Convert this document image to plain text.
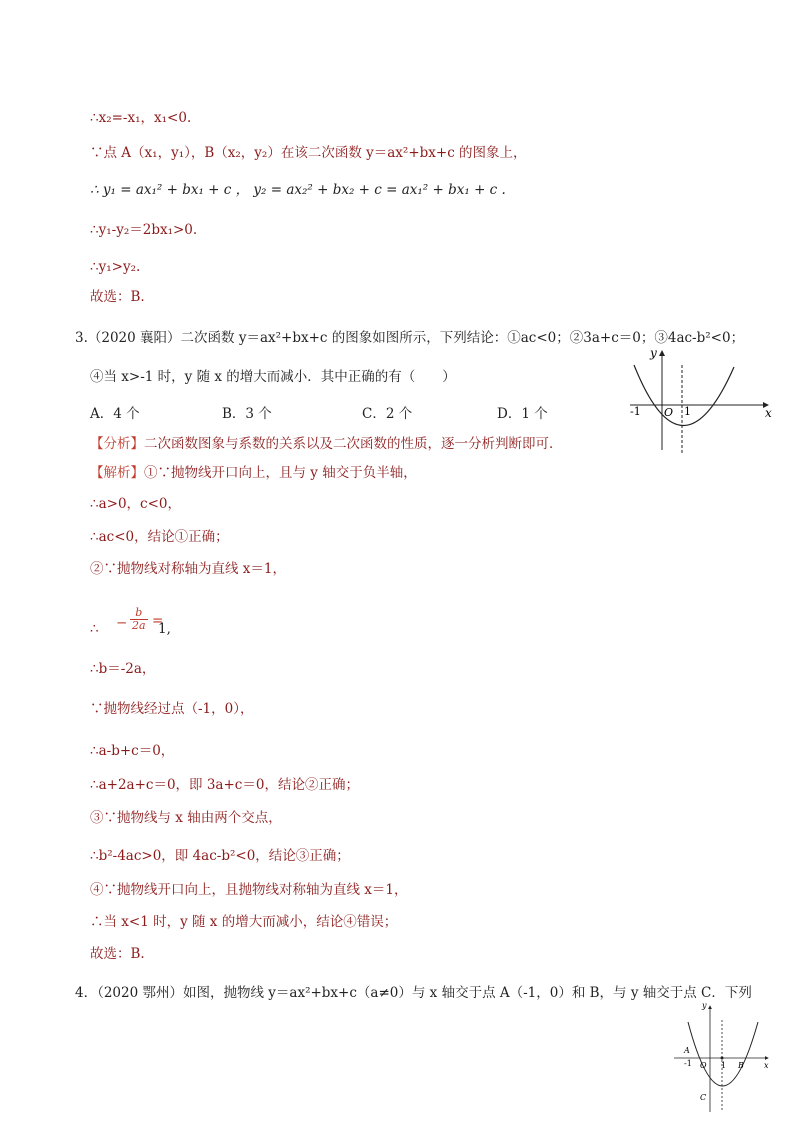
∴x₂=-x₁，x₁<0.
∵点 A（x₁，y₁），B（x₂，y₂）在该二次函数 y＝ax²+bx+c 的图象上，
∴ y₁ = ax₁² + bx₁ + c ， y₂ = ax₂² + bx₂ + c = ax₁² + bx₁ + c .
∴y₁-y₂＝2bx₁>0.
∴y₁>y₂.
故选：B.
3.（2020 襄阳）二次函数 y＝ax²+bx+c 的图象如图所示，下列结论：①ac<0；②3a+c＝0；③4ac-b²<0；
④当 x>-1 时，y 随 x 的增大而减小．其中正确的有（　　）
A．4 个	B．3 个	C．2 个	D．1 个
y
x
-1 O 1
【分析】二次函数图象与系数的关系以及二次函数的性质，逐一分析判断即可．
【解析】①∵抛物线开口向上，且与 y 轴交于负半轴，
∴a>0，c<0，
∴ac<0，结论①正确；
②∵抛物线对称轴为直线 x＝1，
∴ − $\frac{b}{2a}$ =
1,
∴b＝-2a，
∵抛物线经过点（-1，0），
∴a-b+c＝0，
∴a+2a+c＝0，即 3a+c＝0，结论②正确；
③∵抛物线与 x 轴由两个交点，
∴b²-4ac>0，即 4ac-b²<0，结论③正确；
④∵抛物线开口向上，且抛物线对称轴为直线 x＝1，
∴当 x<1 时，y 随 x 的增大而减小，结论④错误；
故选：B.
4．（2020 鄂州）如图，抛物线 y＝ax²+bx+c（a≠0）与 x 轴交于点 A（-1，0）和 B，与 y 轴交于点 C．下列
y
x
A
-1 O 1 B
C
